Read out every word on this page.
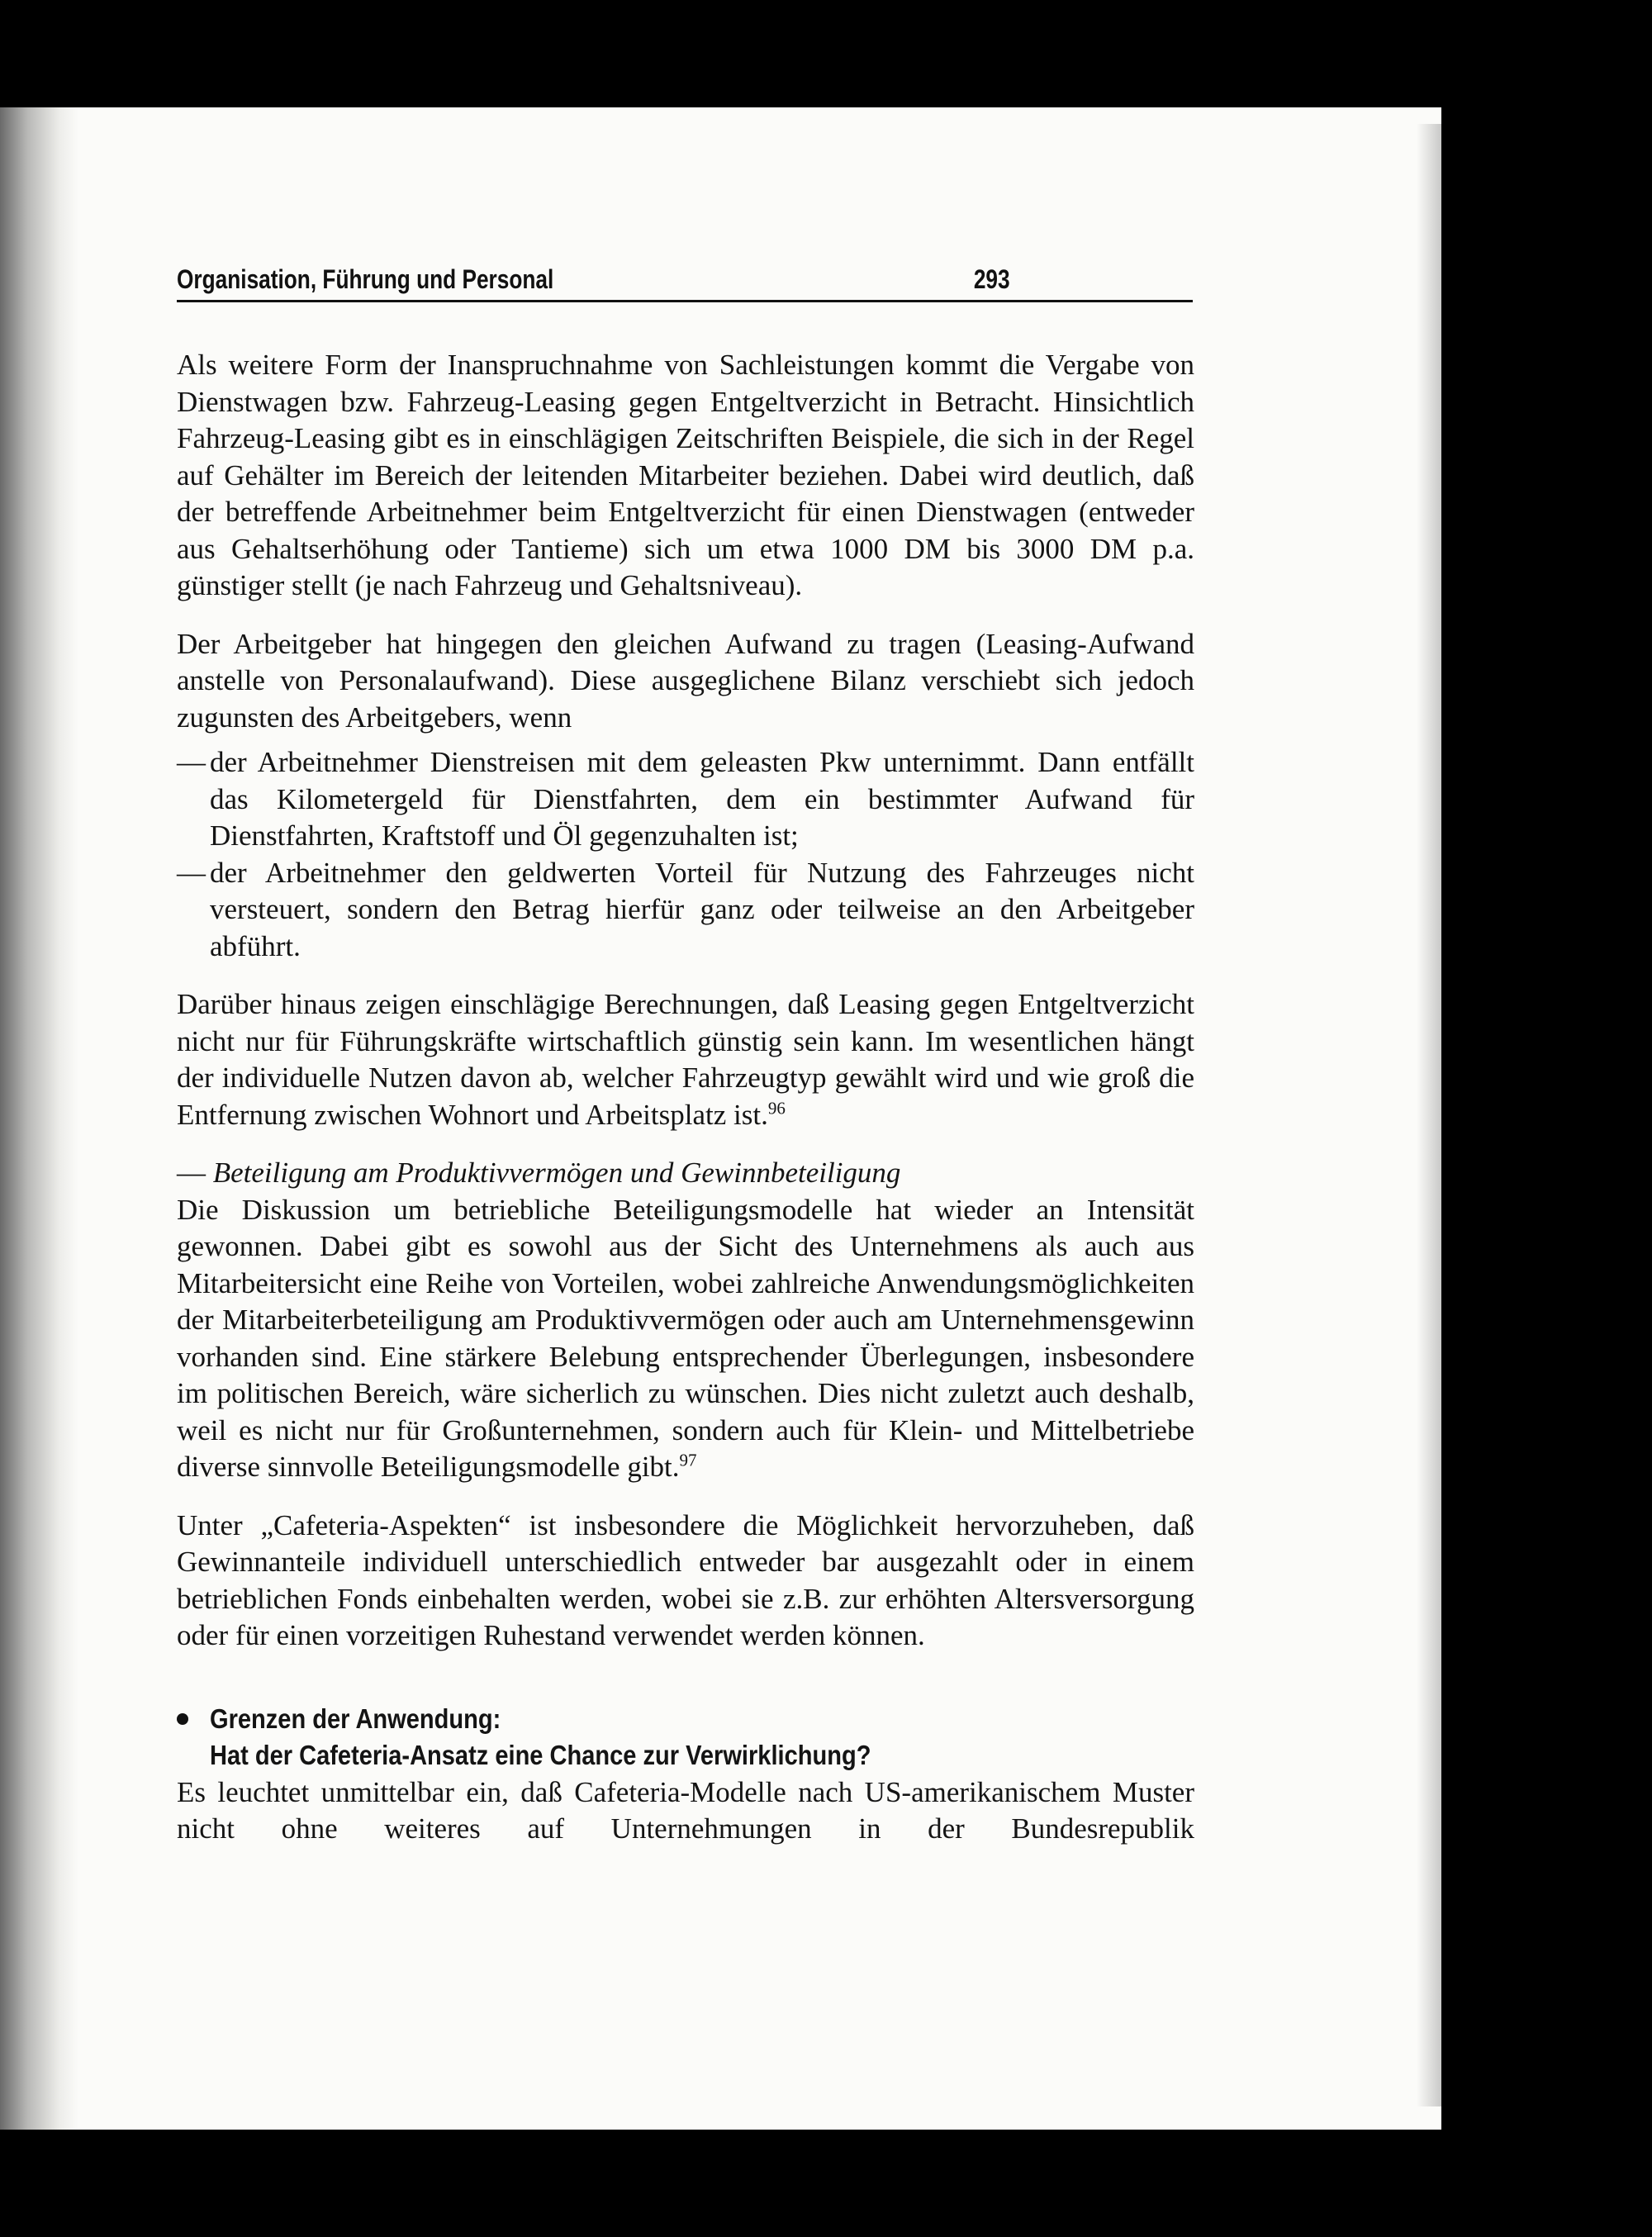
Organisation, Führung und Personal	293

Als weitere Form der Inanspruchnahme von Sachleistungen kommt die Vergabe von Dienstwagen bzw. Fahrzeug-Leasing gegen Entgeltverzicht in Betracht. Hinsichtlich Fahrzeug-Leasing gibt es in einschlägigen Zeitschriften Beispiele, die sich in der Regel auf Gehälter im Bereich der leitenden Mitarbeiter beziehen. Dabei wird deutlich, daß der betreffende Arbeitnehmer beim Entgeltverzicht für einen Dienstwagen (entweder aus Gehaltserhöhung oder Tantieme) sich um etwa 1000 DM bis 3000 DM p.a. günstiger stellt (je nach Fahrzeug und Gehaltsniveau).

Der Arbeitgeber hat hingegen den gleichen Aufwand zu tragen (Leasing-Aufwand anstelle von Personalaufwand). Diese ausgeglichene Bilanz verschiebt sich jedoch zugunsten des Arbeitgebers, wenn

— der Arbeitnehmer Dienstreisen mit dem geleasten Pkw unternimmt. Dann entfällt das Kilometergeld für Dienstfahrten, dem ein bestimmter Aufwand für Dienstfahrten, Kraftstoff und Öl gegenzuhalten ist;
— der Arbeitnehmer den geldwerten Vorteil für Nutzung des Fahrzeuges nicht versteuert, sondern den Betrag hierfür ganz oder teilweise an den Arbeitgeber abführt.

Darüber hinaus zeigen einschlägige Berechnungen, daß Leasing gegen Entgeltverzicht nicht nur für Führungskräfte wirtschaftlich günstig sein kann. Im wesentlichen hängt der individuelle Nutzen davon ab, welcher Fahrzeugtyp gewählt wird und wie groß die Entfernung zwischen Wohnort und Arbeitsplatz ist.$^{96}$

— Beteiligung am Produktivvermögen und Gewinnbeteiligung

Die Diskussion um betriebliche Beteiligungsmodelle hat wieder an Intensität gewonnen. Dabei gibt es sowohl aus der Sicht des Unternehmens als auch aus Mitarbeitersicht eine Reihe von Vorteilen, wobei zahlreiche Anwendungsmöglichkeiten der Mitarbeiterbeteiligung am Produktivvermögen oder auch am Unternehmensgewinn vorhanden sind. Eine stärkere Belebung entsprechender Überlegungen, insbesondere im politischen Bereich, wäre sicherlich zu wünschen. Dies nicht zuletzt auch deshalb, weil es nicht nur für Großunternehmen, sondern auch für Klein- und Mittelbetriebe diverse sinnvolle Beteiligungsmodelle gibt.$^{97}$

Unter „Cafeteria-Aspekten“ ist insbesondere die Möglichkeit hervorzuheben, daß Gewinnanteile individuell unterschiedlich entweder bar ausgezahlt oder in einem betrieblichen Fonds einbehalten werden, wobei sie z.B. zur erhöhten Altersversorgung oder für einen vorzeitigen Ruhestand verwendet werden können.

Grenzen der Anwendung:
Hat der Cafeteria-Ansatz eine Chance zur Verwirklichung?

Es leuchtet unmittelbar ein, daß Cafeteria-Modelle nach US-amerikanischem Muster nicht ohne weiteres auf Unternehmungen in der Bundesrepublik
